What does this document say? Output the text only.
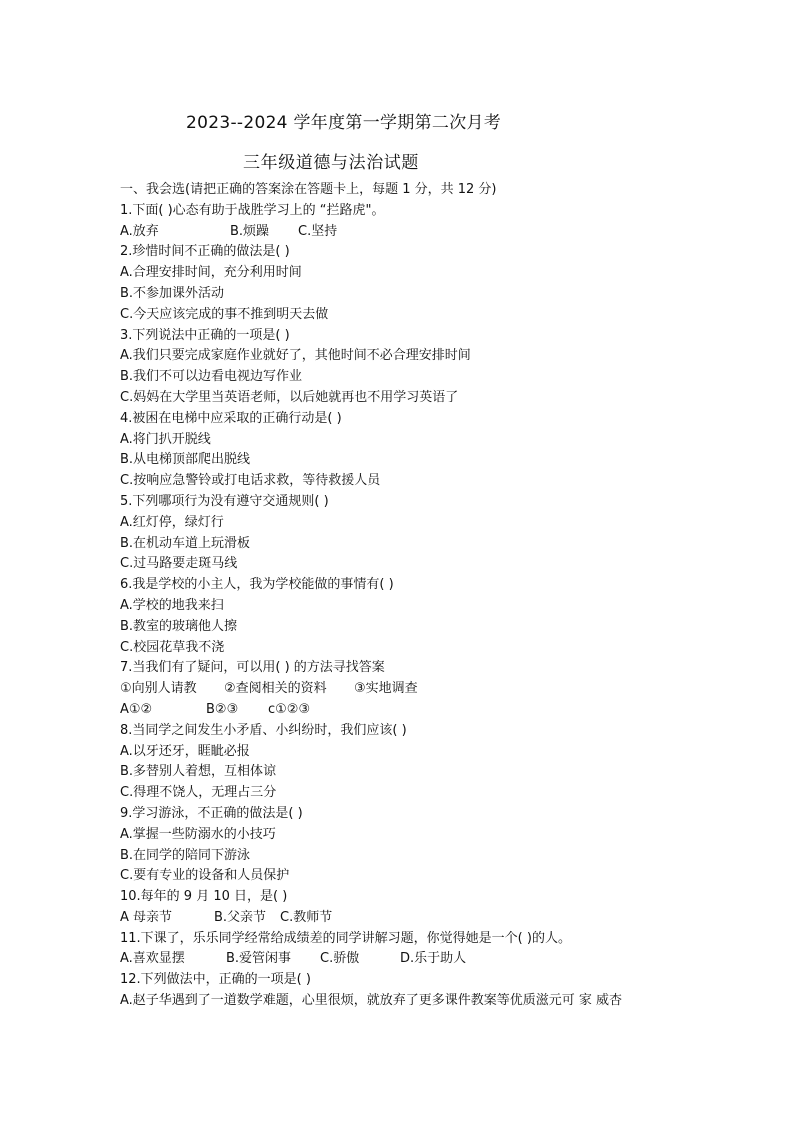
2023--2024 学年度第一学期第二次月考
三年级道德与法治试题
一、我会选(请把正确的答案涂在答题卡上，每题 1 分，共 12 分)
1.下面( )心态有助于战胜学习上的 “拦路虎"。
A.放弃	B.烦躁 C.坚持
2.珍惜时间不正确的做法是( )
A.合理安排时间，充分利用时间
B.不参加课外活动
C.今天应该完成的事不推到明天去做
3.下列说法中正确的一项是( )
A.我们只要完成家庭作业就好了，其他时间不必合理安排时间
B.我们不可以边看电视边写作业
C.妈妈在大学里当英语老师，以后她就再也不用学习英语了
4.被困在电梯中应采取的正确行动是( )
A.将门扒开脱线
B.从电梯顶部爬出脱线
C.按响应急警铃或打电话求救，等待救援人员
5.下列哪项行为没有遵守交通规则( )
A.红灯停，绿灯行
B.在机动车道上玩滑板
C.过马路要走斑马线
6.我是学校的小主人，我为学校能做的事情有( )
A.学校的地我来扫
B.教室的玻璃他人擦
C.校园花草我不浇
7.当我们有了疑问，可以用( ) 的方法寻找答案
①向别人请教 ②查阅相关的资料 ③实地调查
A①②	B②③ c①②③
8.当同学之间发生小矛盾、小纠纷时，我们应该( )
A.以牙还牙，睚眦必报
B.多替别人着想，互相体谅
C.得理不饶人，无理占三分
9.学习游泳，不正确的做法是( )
A.掌握一些防溺水的小技巧
B.在同学的陪同下游泳
C.要有专业的设备和人员保护
10.每年的 9 月 10 日，是( )
A 母亲节	B.父亲节 C.教师节
11.下课了，乐乐同学经常给成绩差的同学讲解习题，你觉得她是一个( )的人。
A.喜欢显摆	B.爱管闲事 C.骄傲	D.乐于助人
12.下列做法中，正确的一项是( )
A.赵子华遇到了一道数学难题，心里很烦，就放弃了更多课件教案等优质滋元可 家 威杏
